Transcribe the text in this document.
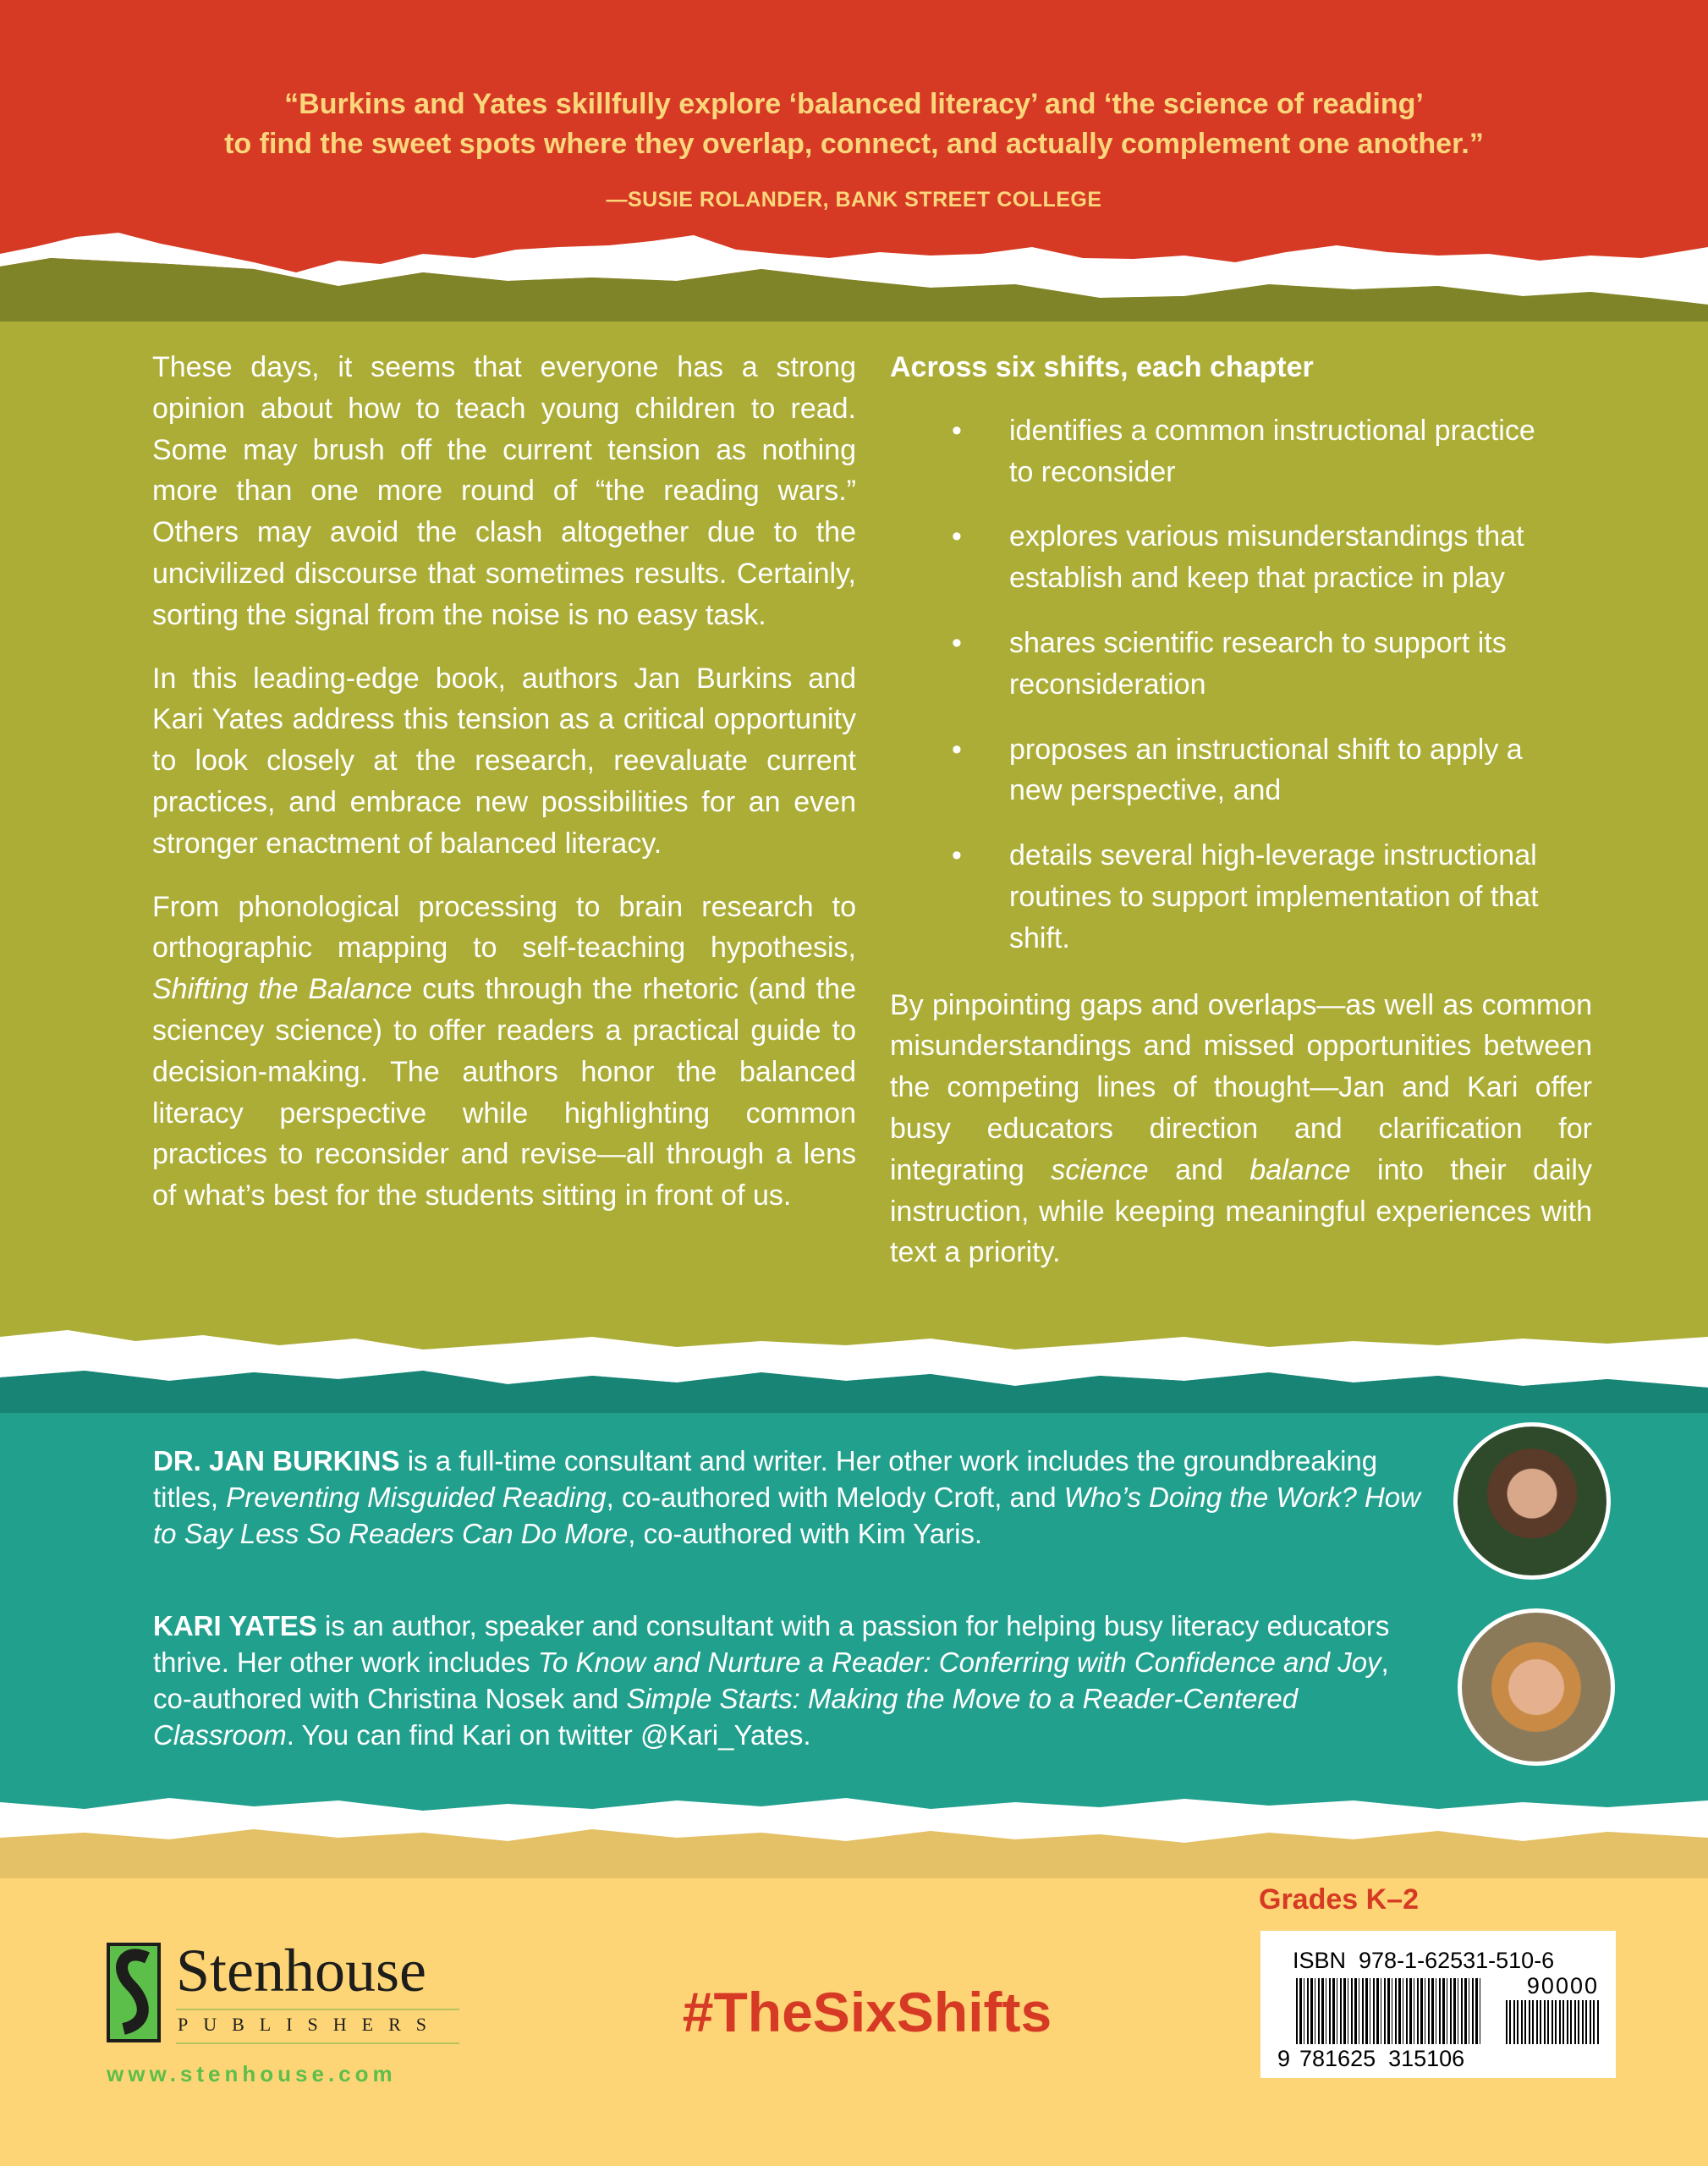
“Burkins and Yates skillfully explore ‘balanced literacy’ and ‘the science of reading’
to find the sweet spots where they overlap, connect, and actually complement one another.”
—SUSIE ROLANDER, BANK STREET COLLEGE

These days, it seems that everyone has a strong opinion about how to teach young children to read. Some may brush off the current tension as nothing more than one more round of “the reading wars.” Others may avoid the clash altogether due to the uncivilized discourse that sometimes results. Certainly, sorting the signal from the noise is no easy task.

In this leading-edge book, authors Jan Burkins and Kari Yates address this tension as a critical opportunity to look closely at the research, reevaluate current practices, and embrace new possibilities for an even stronger enactment of balanced literacy.

From phonological processing to brain research to orthographic mapping to self-teaching hypothesis, Shifting the Balance cuts through the rhetoric (and the sciencey science) to offer readers a practical guide to decision-making. The authors honor the balanced literacy perspective while highlighting common practices to reconsider and revise—all through a lens of what’s best for the students sitting in front of us.

Across six shifts, each chapter
• identifies a common instructional practice to reconsider
• explores various misunderstandings that establish and keep that practice in play
• shares scientific research to support its reconsideration
• proposes an instructional shift to apply a new perspective, and
• details several high-leverage instructional routines to support implementation of that shift.

By pinpointing gaps and overlaps—as well as common misunderstandings and missed opportunities between the competing lines of thought—Jan and Kari offer busy educators direction and clarification for integrating science and balance into their daily instruction, while keeping meaningful experiences with text a priority.

DR. JAN BURKINS is a full-time consultant and writer. Her other work includes the groundbreaking titles, Preventing Misguided Reading, co-authored with Melody Croft, and Who’s Doing the Work? How to Say Less So Readers Can Do More, co-authored with Kim Yaris.
KARI YATES is an author, speaker and consultant with a passion for helping busy literacy educators thrive. Her other work includes To Know and Nurture a Reader: Conferring with Confidence and Joy, co-authored with Christina Nosek and Simple Starts: Making the Move to a Reader-Centered Classroom. You can find Kari on twitter @Kari_Yates.
Stenhouse
PUBLISHERS
www.stenhouse.com
#TheSixShifts
Grades K–2
ISBN  978-1-62531-510-6
90000
9 781625  315106
